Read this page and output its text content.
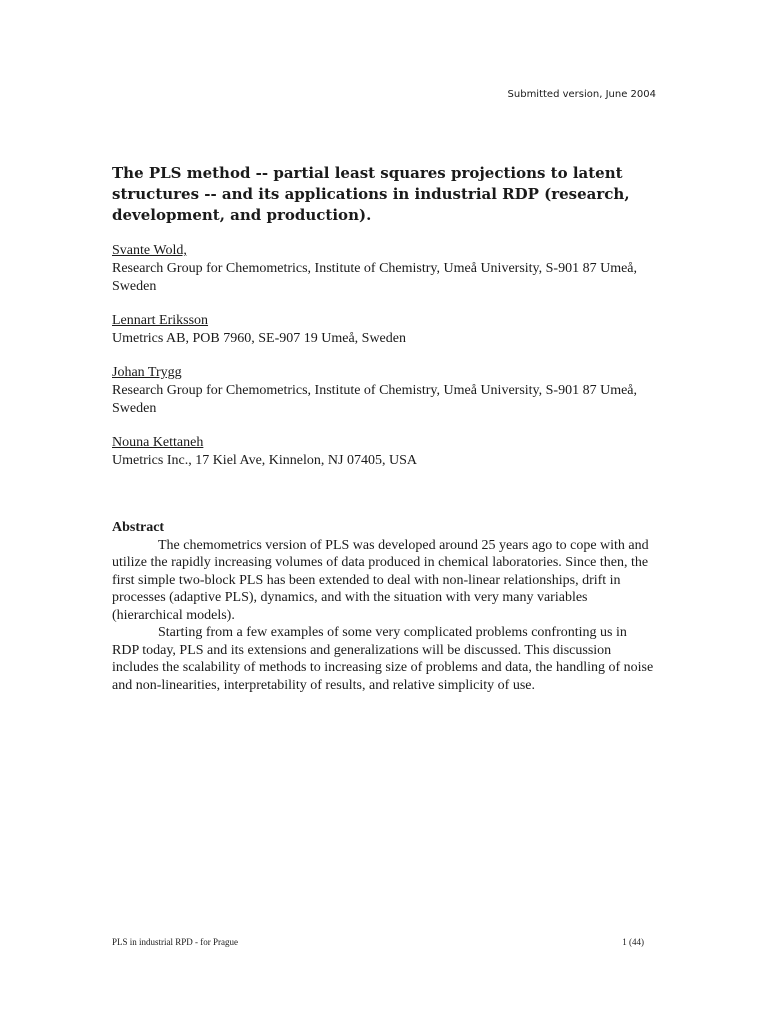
Submitted version, June 2004
The PLS method -- partial least squares projections to latent structures -- and its applications in industrial RDP (research, development, and production).
Svante Wold,
Research Group for Chemometrics, Institute of Chemistry, Umeå University, S-901 87 Umeå, Sweden
Lennart Eriksson
Umetrics AB, POB 7960, SE-907 19 Umeå, Sweden
Johan Trygg
Research Group for Chemometrics, Institute of Chemistry, Umeå University, S-901 87 Umeå, Sweden
Nouna Kettaneh
Umetrics Inc., 17 Kiel Ave, Kinnelon, NJ 07405, USA
Abstract

The chemometrics version of PLS was developed around 25 years ago to cope with and utilize the rapidly increasing volumes of data produced in chemical laboratories. Since then, the first simple two-block PLS has been extended to deal with non-linear relationships, drift in processes (adaptive PLS), dynamics, and with the situation with very many variables (hierarchical models).

Starting from a few examples of some very complicated problems confronting us in RDP today, PLS and its extensions and generalizations will be discussed. This discussion includes the scalability of methods to increasing size of problems and data, the handling of noise and non-linearities, interpretability of results, and relative simplicity of use.

PLS in industrial RPD - for Prague	1 (44)
